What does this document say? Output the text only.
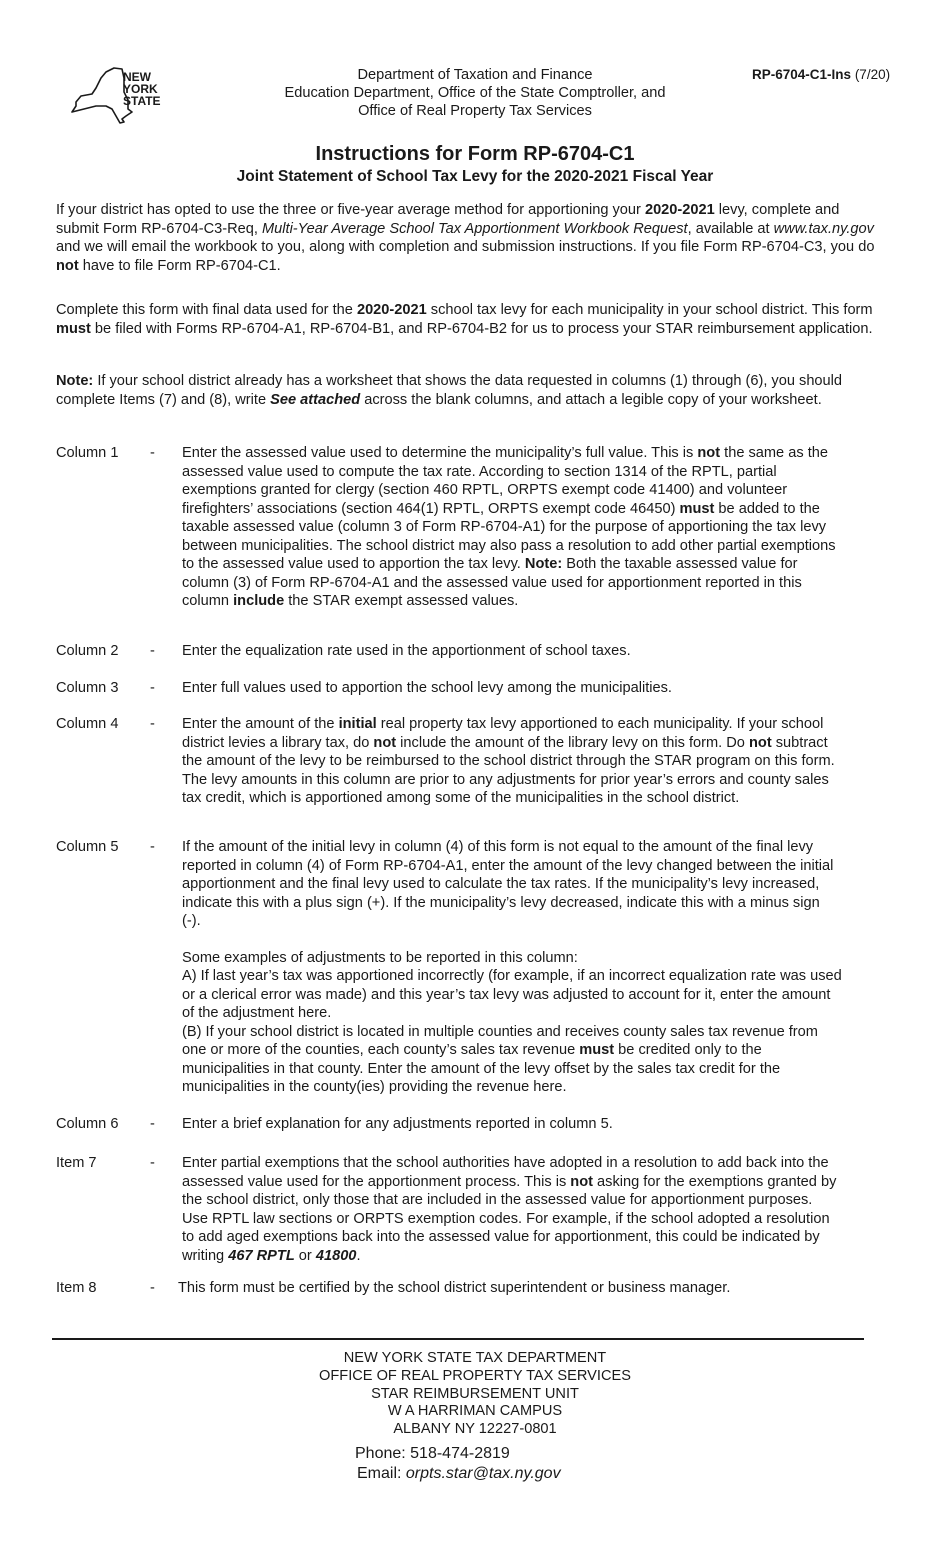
NEW
YORK
STATE
Department of Taxation and Finance
Education Department, Office of the State Comptroller, and
Office of Real Property Tax Services
RP-6704-C1-Ins (7/20)
Instructions for Form RP-6704-C1
Joint Statement of School Tax Levy for the 2020-2021 Fiscal Year

If your district has opted to use the three or five-year average method for apportioning your 2020-2021 levy, complete and submit Form RP-6704-C3-Req, Multi-Year Average School Tax Apportionment Workbook Request, available at www.tax.ny.gov and we will email the workbook to you, along with completion and submission instructions. If you file Form RP-6704-C3, you do not have to file Form RP-6704-C1.

Complete this form with final data used for the 2020-2021 school tax levy for each municipality in your school district. This form must be filed with Forms RP-6704-A1, RP-6704-B1, and RP-6704-B2 for us to process your STAR reimbursement application.

Note: If your school district already has a worksheet that shows the data requested in columns (1) through (6), you should complete Items (7) and (8), write See attached across the blank columns, and attach a legible copy of your worksheet.

Column 1	-	Enter the assessed value used to determine the municipality’s full value. This is not the same as the assessed value used to compute the tax rate. According to section 1314 of the RPTL, partial exemptions granted for clergy (section 460 RPTL, ORPTS exempt code 41400) and volunteer firefighters’ associations (section 464(1) RPTL, ORPTS exempt code 46450) must be added to the taxable assessed value (column 3 of Form RP-6704-A1) for the purpose of apportioning the tax levy between municipalities. The school district may also pass a resolution to add other partial exemptions to the assessed value used to apportion the tax levy. Note: Both the taxable assessed value for column (3) of Form RP-6704-A1 and the assessed value used for apportionment reported in this column include the STAR exempt assessed values.

Column 2	-	Enter the equalization rate used in the apportionment of school taxes.
Column 3	-	Enter full values used to apportion the school levy among the municipalities.
Column 4	-	Enter the amount of the initial real property tax levy apportioned to each municipality. If your school district levies a library tax, do not include the amount of the library levy on this form. Do not subtract the amount of the levy to be reimbursed to the school district through the STAR program on this form. The levy amounts in this column are prior to any adjustments for prior year’s errors and county sales tax credit, which is apportioned among some of the municipalities in the school district.

Column 5	-	If the amount of the initial levy in column (4) of this form is not equal to the amount of the final levy reported in column (4) of Form RP-6704-A1, enter the amount of the levy changed between the initial apportionment and the final levy used to calculate the tax rates. If the municipality’s levy increased, indicate this with a plus sign (+). If the municipality’s levy decreased, indicate this with a minus sign (-).

Some examples of adjustments to be reported in this column:

A) If last year’s tax was apportioned incorrectly (for example, if an incorrect equalization rate was used or a clerical error was made) and this year’s tax levy was adjusted to account for it, enter the amount of the adjustment here.

(B) If your school district is located in multiple counties and receives county sales tax revenue from one or more of the counties, each county’s sales tax revenue must be credited only to the municipalities in that county. Enter the amount of the levy offset by the sales tax credit for the municipalities in the county(ies) providing the revenue here.

Column 6	-	Enter a brief explanation for any adjustments reported in column 5.
Item 7	-	Enter partial exemptions that the school authorities have adopted in a resolution to add back into the assessed value used for the apportionment process. This is not asking for the exemptions granted by the school district, only those that are included in the assessed value for apportionment purposes. Use RPTL law sections or ORPTS exemption codes. For example, if the school adopted a resolution to add aged exemptions back into the assessed value for apportionment, this could be indicated by writing 467 RPTL or 41800.

Item 8	-	This form must be certified by the school district superintendent or business manager.
NEW YORK STATE TAX DEPARTMENT
OFFICE OF REAL PROPERTY TAX SERVICES
STAR REIMBURSEMENT UNIT
W A HARRIMAN CAMPUS
ALBANY NY 12227-0801
Phone: 518-474-2819
Email: orpts.star@tax.ny.gov
